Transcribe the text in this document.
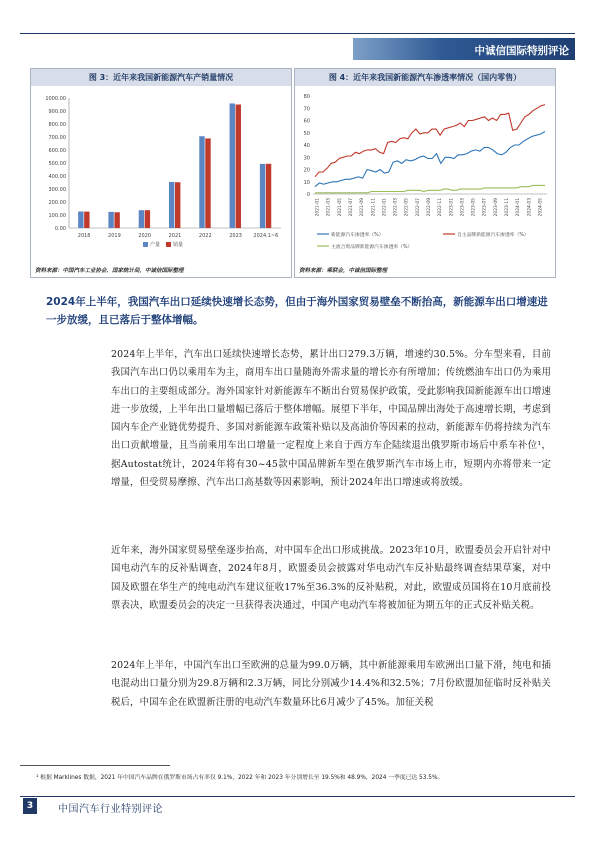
中诚信国际特别评论
图 3：近年来我国新能源汽车产销量情况
0.00
100.00
200.00
300.00
400.00
500.00
600.00
700.00
800.00
900.00
1000.00
2018	2019	2020	2021	2022	2023 2024.1~6
产量	销量
资料来源：中国汽车工业协会、国家统计局，中诚信国际整理
图 4：近年来我国新能源汽车渗透率情况（国内零售）
0
10
20
30
40
50
60
70
80
2021-01 2021-03 2021-05 2021-07 2021-09 2021-11 2022-01 2022-03 2022-05 2022-07 2022-09 2022-11 2023-01 2023-03 2023-05 2023-07 2023-09 2023-11 2024-01 2024-03 2024-05
新能源汽车渗透率（%）	自主品牌新能源汽车渗透率（%）
主流合资品牌新能源汽车渗透率（%）
资料来源：乘联会，中诚信国际整理
2024年上半年，我国汽车出口延续快速增长态势，但由于海外国家贸易壁垒不断抬高，新能源车出口增速进一步放缓，且已落后于整体增幅。
2024年上半年，汽车出口延续快速增长态势，累计出口279.3万辆，增速约30.5%。分车型来看，目前我国汽车出口仍以乘用车为主，商用车出口量随海外需求量的增长亦有所增加；传统燃油车出口仍为乘用车出口的主要组成部分。海外国家针对新能源车不断出台贸易保护政策，受此影响我国新能源车出口增速进一步放缓，上半年出口量增幅已落后于整体增幅。展望下半年，中国品牌出海处于高速增长期，考虑到国内车企产业链优势提升、多国对新能源车政策补贴以及高油价等因素的拉动，新能源车仍将持续为汽车出口贡献增量，且当前乘用车出口增量一定程度上来自于西方车企陆续退出俄罗斯市场后中系车补位¹，据Autostat统计，2024年将有30~45款中国品牌新车型在俄罗斯汽车市场上市，短期内亦将带来一定增量，但受贸易摩擦、汽车出口高基数等因素影响，预计2024年出口增速或将放缓。
近年来，海外国家贸易壁垒逐步抬高，对中国车企出口形成挑战。2023年10月，欧盟委员会开启针对中国电动汽车的反补贴调查，2024年8月，欧盟委员会披露对华电动汽车反补贴最终调查结果草案，对中国及欧盟在华生产的纯电动汽车建议征收17%至36.3%的反补贴税，对此，欧盟成员国将在10月底前投票表决，欧盟委员会的决定一旦获得表决通过，中国产电动汽车将被加征为期五年的正式反补贴关税。
2024年上半年，中国汽车出口至欧洲的总量为99.0万辆，其中新能源乘用车欧洲出口量下滑，纯电和插电混动出口量分别为29.8万辆和2.3万辆，同比分别减少14.4%和32.5%；7月份欧盟加征临时反补贴关税后，中国车企在欧盟新注册的电动汽车数量环比6月减少了45%。加征关税
¹ 根据 Marklines 数据，2021 年中国汽车品牌在俄罗斯市场占有率仅 9.1%，2022 年和 2023 年分别增长至 19.5%和 48.9%，2024 一季度已达 53.5%。
3	中国汽车行业特别评论
